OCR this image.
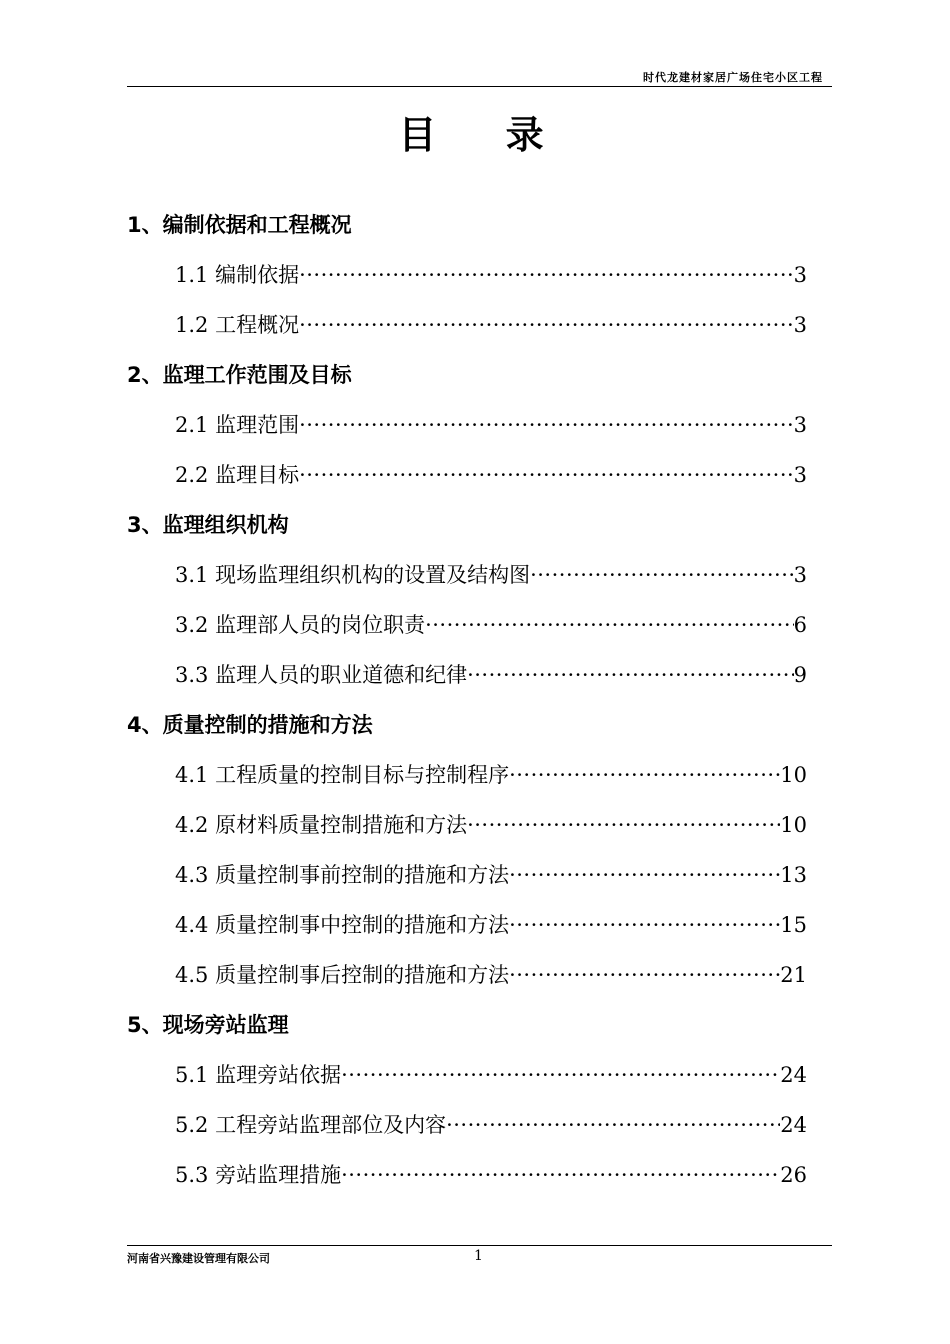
时代龙建材家居广场住宅小区工程
目 录
1、编制依据和工程概况
1.1 编制依据 ·····	3
1.2 工程概况 ·····	3
2、监理工作范围及目标
2.1 监理范围 ·····	3
2.2 监理目标 ·····	3
3、监理组织机构
3.1 现场监理组织机构的设置及结构图 ·····	3
3.2 监理部人员的岗位职责 ·····	6
3.3 监理人员的职业道德和纪律 ·····	9
4、质量控制的措施和方法
4.1 工程质量的控制目标与控制程序 ·····	10
4.2 原材料质量控制措施和方法 ·····	10
4.3 质量控制事前控制的措施和方法 ·····	13
4.4 质量控制事中控制的措施和方法 ·····	15
4.5 质量控制事后控制的措施和方法 ·····	21
5、现场旁站监理
5.1 监理旁站依据 ·····	24
5.2 工程旁站监理部位及内容 ·····	24
5.3 旁站监理措施 ·····	26
河南省兴豫建设管理有限公司	1
